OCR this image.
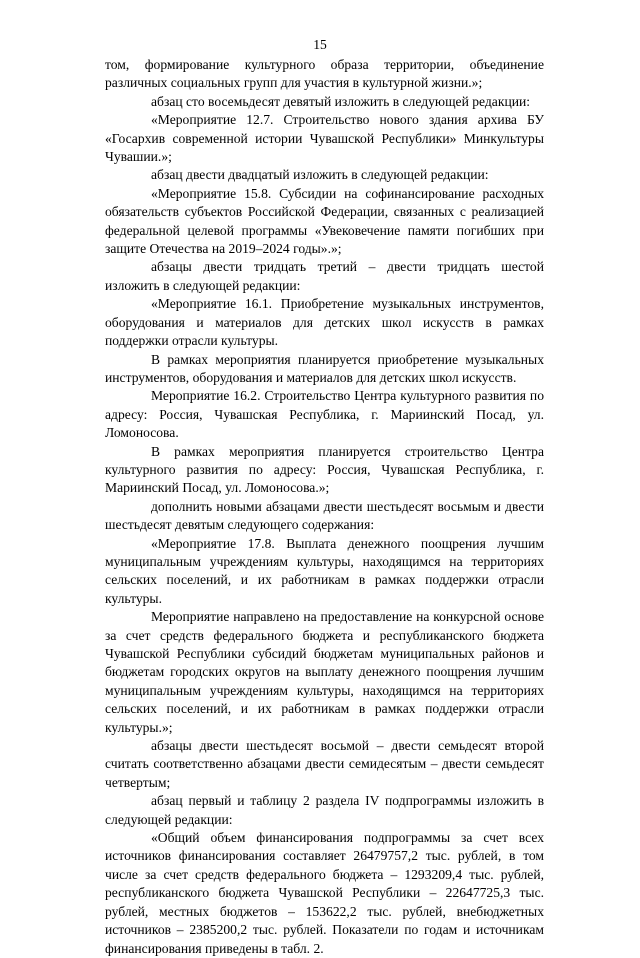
15

том, формирование культурного образа территории, объединение различных социальных групп для участия в культурной жизни.»;

абзац сто восемьдесят девятый изложить в следующей редакции:

«Мероприятие 12.7. Строительство нового здания архива БУ «Госархив современной истории Чувашской Республики» Минкультуры Чувашии.»;

абзац двести двадцатый изложить в следующей редакции:

«Мероприятие 15.8. Субсидии на софинансирование расходных обязательств субъектов Российской Федерации, связанных с реализацией федеральной целевой программы «Увековечение памяти погибших при защите Отечества на 2019–2024 годы».»;

абзацы двести тридцать третий – двести тридцать шестой изложить в следующей редакции:

«Мероприятие 16.1. Приобретение музыкальных инструментов, оборудования и материалов для детских школ искусств в рамках поддержки отрасли культуры.

В рамках мероприятия планируется приобретение музыкальных инструментов, оборудования и материалов для детских школ искусств.

Мероприятие 16.2. Строительство Центра культурного развития по адресу: Россия, Чувашская Республика, г. Мариинский Посад, ул. Ломоносова.

В рамках мероприятия планируется строительство Центра культурного развития по адресу: Россия, Чувашская Республика, г. Мариинский Посад, ул. Ломоносова.»;

дополнить новыми абзацами двести шестьдесят восьмым и двести шестьдесят девятым следующего содержания:

«Мероприятие 17.8. Выплата денежного поощрения лучшим муниципальным учреждениям культуры, находящимся на территориях сельских поселений, и их работникам в рамках поддержки отрасли культуры.

Мероприятие направлено на предоставление на конкурсной основе за счет средств федерального бюджета и республиканского бюджета Чувашской Республики субсидий бюджетам муниципальных районов и бюджетам городских округов на выплату денежного поощрения лучшим муниципальным учреждениям культуры, находящимся на территориях сельских поселений, и их работникам в рамках поддержки отрасли культуры.»;

абзацы двести шестьдесят восьмой – двести семьдесят второй считать соответственно абзацами двести семидесятым – двести семьдесят четвертым;

абзац первый и таблицу 2 раздела IV подпрограммы изложить в следующей редакции:

«Общий объем финансирования подпрограммы за счет всех источников финансирования составляет 26479757,2 тыс. рублей, в том числе за счет средств федерального бюджета – 1293209,4 тыс. рублей, республиканского бюджета Чувашской Республики – 22647725,3 тыс. рублей, местных бюджетов – 153622,2 тыс. рублей, внебюджетных источников – 2385200,2 тыс. рублей. Показатели по годам и источникам финансирования приведены в табл. 2.
